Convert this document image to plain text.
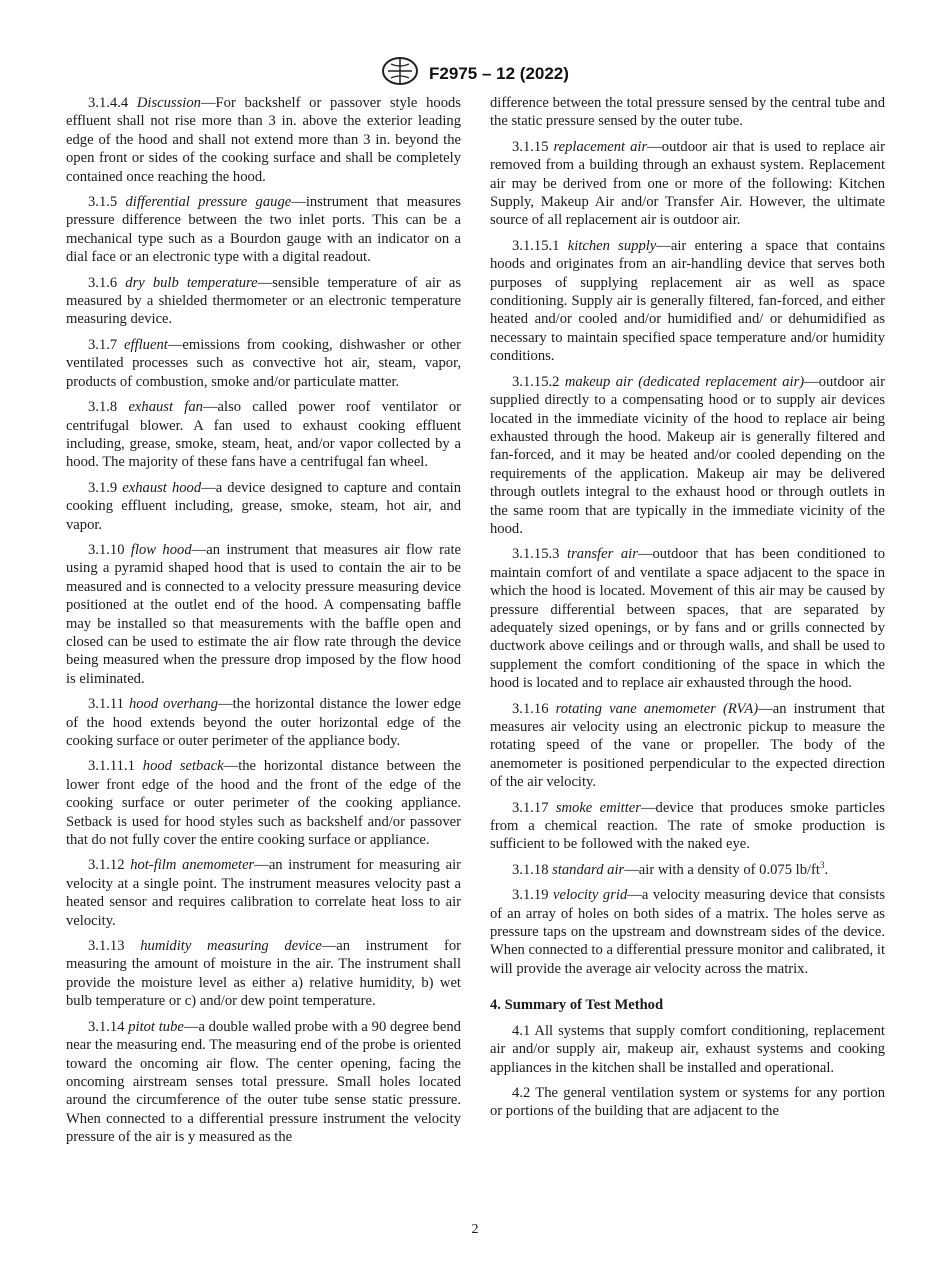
F2975 – 12 (2022)

3.1.4.4 Discussion—For backshelf or passover style hoods effluent shall not rise more than 3 in. above the exterior leading edge of the hood and shall not extend more than 3 in. beyond the open front or sides of the cooking surface and shall be completely contained once reaching the hood.

3.1.5 differential pressure gauge—instrument that measures pressure difference between the two inlet ports. This can be a mechanical type such as a Bourdon gauge with an indicator on a dial face or an electronic type with a digital readout.

3.1.6 dry bulb temperature—sensible temperature of air as measured by a shielded thermometer or an electronic temperature measuring device.

3.1.7 effluent—emissions from cooking, dishwasher or other ventilated processes such as convective hot air, steam, vapor, products of combustion, smoke and/or particulate matter.

3.1.8 exhaust fan—also called power roof ventilator or centrifugal blower. A fan used to exhaust cooking effluent including, grease, smoke, steam, heat, and/or vapor collected by a hood. The majority of these fans have a centrifugal fan wheel.

3.1.9 exhaust hood—a device designed to capture and contain cooking effluent including, grease, smoke, steam, hot air, and vapor.

3.1.10 flow hood—an instrument that measures air flow rate using a pyramid shaped hood that is used to contain the air to be measured and is connected to a velocity pressure measuring device positioned at the outlet end of the hood. A compensating baffle may be installed so that measurements with the baffle open and closed can be used to estimate the air flow rate through the device being measured when the pressure drop imposed by the flow hood is eliminated.

3.1.11 hood overhang—the horizontal distance the lower edge of the hood extends beyond the outer horizontal edge of the cooking surface or outer perimeter of the appliance body.

3.1.11.1 hood setback—the horizontal distance between the lower front edge of the hood and the front of the edge of the cooking surface or outer perimeter of the cooking appliance. Setback is used for hood styles such as backshelf and/or passover that do not fully cover the entire cooking surface or appliance.

3.1.12 hot-film anemometer—an instrument for measuring air velocity at a single point. The instrument measures velocity past a heated sensor and requires calibration to correlate heat loss to air velocity.

3.1.13 humidity measuring device—an instrument for measuring the amount of moisture in the air. The instrument shall provide the moisture level as either a) relative humidity, b) wet bulb temperature or c) and/or dew point temperature.

3.1.14 pitot tube—a double walled probe with a 90 degree bend near the measuring end. The measuring end of the probe is oriented toward the oncoming air flow. The center opening, facing the oncoming airstream senses total pressure. Small holes located around the circumference of the outer tube sense static pressure. When connected to a differential pressure instrument the velocity pressure of the air is y measured as the

difference between the total pressure sensed by the central tube and the static pressure sensed by the outer tube.

3.1.15 replacement air—outdoor air that is used to replace air removed from a building through an exhaust system. Replacement air may be derived from one or more of the following: Kitchen Supply, Makeup Air and/or Transfer Air. However, the ultimate source of all replacement air is outdoor air.

3.1.15.1 kitchen supply—air entering a space that contains hoods and originates from an air-handling device that serves both purposes of supplying replacement air as well as space conditioning. Supply air is generally filtered, fan-forced, and either heated and/or cooled and/or humidified and/ or dehumidified as necessary to maintain specified space temperature and/or humidity conditions.

3.1.15.2 makeup air (dedicated replacement air)—outdoor air supplied directly to a compensating hood or to supply air devices located in the immediate vicinity of the hood to replace air being exhausted through the hood. Makeup air is generally filtered and fan-forced, and it may be heated and/or cooled depending on the requirements of the application. Makeup air may be delivered through outlets integral to the exhaust hood or through outlets in the same room that are typically in the immediate vicinity of the hood.

3.1.15.3 transfer air—outdoor that has been conditioned to maintain comfort of and ventilate a space adjacent to the space in which the hood is located. Movement of this air may be caused by pressure differential between spaces, that are separated by adequately sized openings, or by fans and or grills connected by ductwork above ceilings and or through walls, and shall be used to supplement the comfort conditioning of the space in which the hood is located and to replace air exhausted through the hood.

3.1.16 rotating vane anemometer (RVA)—an instrument that measures air velocity using an electronic pickup to measure the rotating speed of the vane or propeller. The body of the anemometer is positioned perpendicular to the expected direction of the air velocity.

3.1.17 smoke emitter—device that produces smoke particles from a chemical reaction. The rate of smoke production is sufficient to be followed with the naked eye.

3.1.18 standard air—air with a density of 0.075 $lb/ft^3$.

3.1.19 velocity grid—a velocity measuring device that consists of an array of holes on both sides of a matrix. The holes serve as pressure taps on the upstream and downstream sides of the device. When connected to a differential pressure monitor and calibrated, it will provide the average air velocity across the matrix.

4. Summary of Test Method

4.1 All systems that supply comfort conditioning, replacement air and/or supply air, makeup air, exhaust systems and cooking appliances in the kitchen shall be installed and operational.

4.2 The general ventilation system or systems for any portion or portions of the building that are adjacent to the

2
